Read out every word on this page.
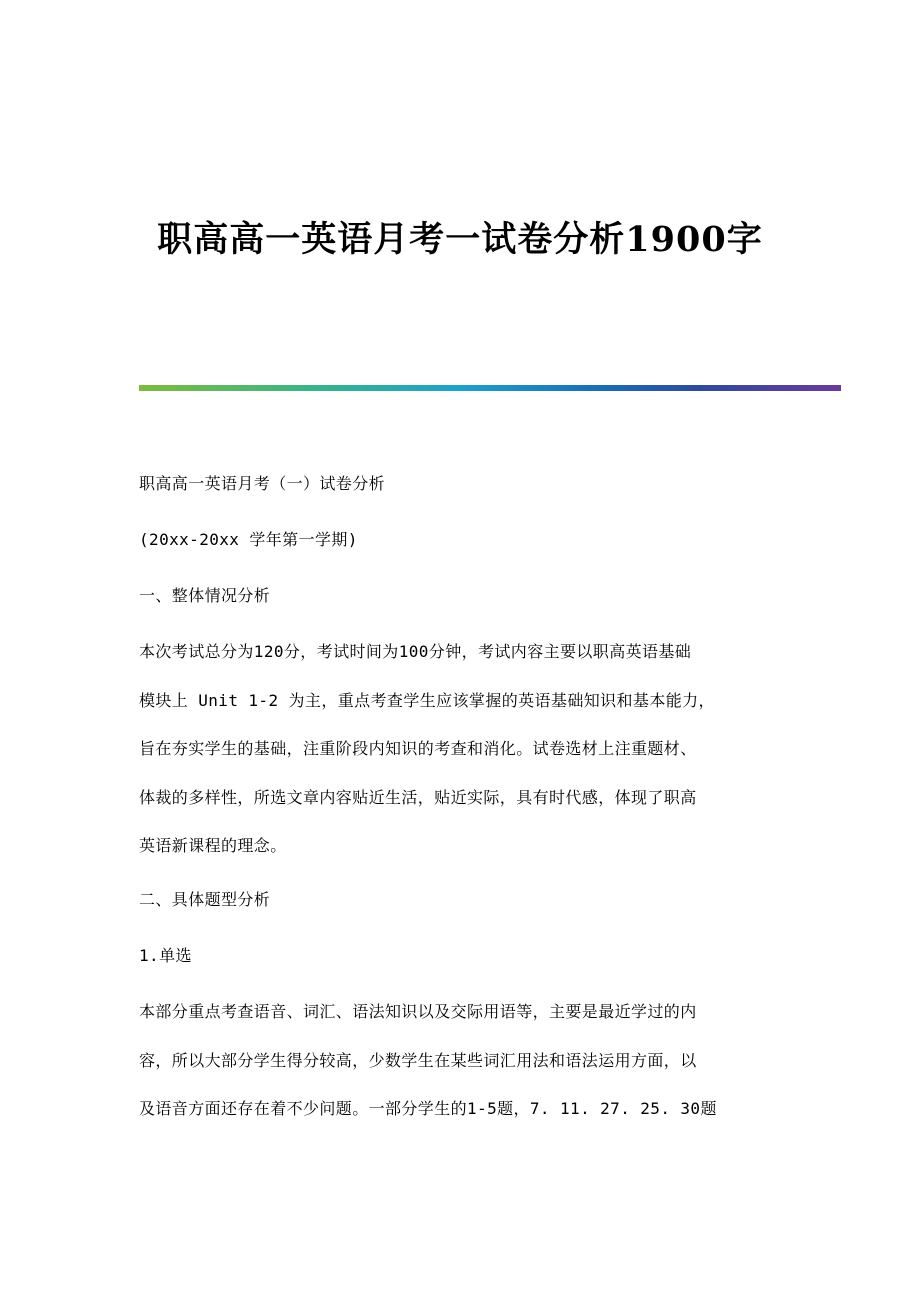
职高高一英语月考一试卷分析1900字
职高高一英语月考（一）试卷分析
(20xx-20xx 学年第一学期)
一、整体情况分析
本次考试总分为120分，考试时间为100分钟，考试内容主要以职高英语基础
模块上 Unit 1-2 为主，重点考查学生应该掌握的英语基础知识和基本能力，
旨在夯实学生的基础，注重阶段内知识的考查和消化。试卷选材上注重题材、
体裁的多样性，所选文章内容贴近生活，贴近实际，具有时代感，体现了职高
英语新课程的理念。
二、具体题型分析
1.单选
本部分重点考查语音、词汇、语法知识以及交际用语等，主要是最近学过的内
容，所以大部分学生得分较高，少数学生在某些词汇用法和语法运用方面，以
及语音方面还存在着不少问题。一部分学生的1-5题，7. 11. 27. 25. 30题
